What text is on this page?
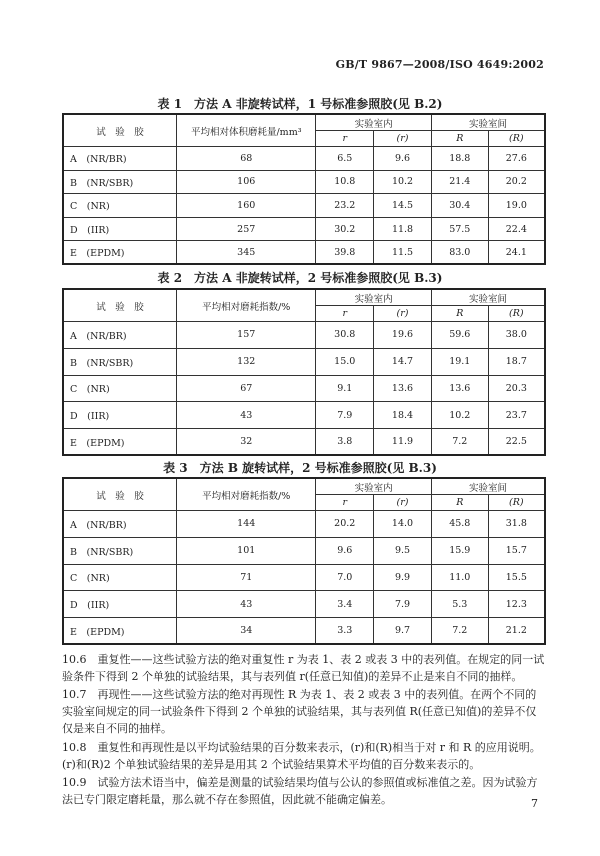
GB/T 9867—2008/ISO 4649:2002
表 1　方法 A 非旋转试样，1 号标准参照胶(见 B.2)
试　验　胶	平均相对体积磨耗量/mm³	实验室内		实验室间	
		r	(r)	R	(R)
A　(NR/BR)	68	6.5	9.6	18.8	27.6
B　(NR/SBR)	106	10.8	10.2	21.4	20.2
C　(NR)	160	23.2	14.5	30.4	19.0
D　(IIR)	257	30.2	11.8	57.5	22.4
E　(EPDM)	345	39.8	11.5	83.0	24.1
表 2　方法 A 非旋转试样，2 号标准参照胶(见 B.3)
试　验　胶	平均相对磨耗指数/%	实验室内		实验室间	
		r	(r)	R	(R)
A　(NR/BR)	157	30.8	19.6	59.6	38.0
B　(NR/SBR)	132	15.0	14.7	19.1	18.7
C　(NR)	67	9.1	13.6	13.6	20.3
D　(IIR)	43	7.9	18.4	10.2	23.7
E　(EPDM)	32	3.8	11.9	7.2	22.5
表 3　方法 B 旋转试样，2 号标准参照胶(见 B.3)
试　验　胶	平均相对磨耗指数/%	实验室内		实验室间	
		r	(r)	R	(R)
A　(NR/BR)	144	20.2	14.0	45.8	31.8
B　(NR/SBR)	101	9.6	9.5	15.9	15.7
C　(NR)	71	7.0	9.9	11.0	15.5
D　(IIR)	43	3.4	7.9	5.3	12.3
E　(EPDM)	34	3.3	9.7	7.2	21.2
10.6　重复性——这些试验方法的绝对重复性 r 为表 1、表 2 或表 3 中的表列值。在规定的同一试验条件下得到 2 个单独的试验结果，其与表列值 r(任意已知值)的差异不止是来自不同的抽样。
10.7　再现性——这些试验方法的绝对再现性 R 为表 1、表 2 或表 3 中的表列值。在两个不同的实验室间规定的同一试验条件下得到 2 个单独的试验结果，其与表列值 R(任意已知值)的差异不仅仅是来自不同的抽样。
10.8　重复性和再现性是以平均试验结果的百分数来表示，(r)和(R)相当于对 r 和 R 的应用说明。(r)和(R)2 个单独试验结果的差异是用其 2 个试验结果算术平均值的百分数来表示的。
10.9　试验方法术语当中，偏差是测量的试验结果均值与公认的参照值或标准值之差。因为试验方法已专门限定磨耗量，那么就不存在参照值，因此就不能确定偏差。	7
